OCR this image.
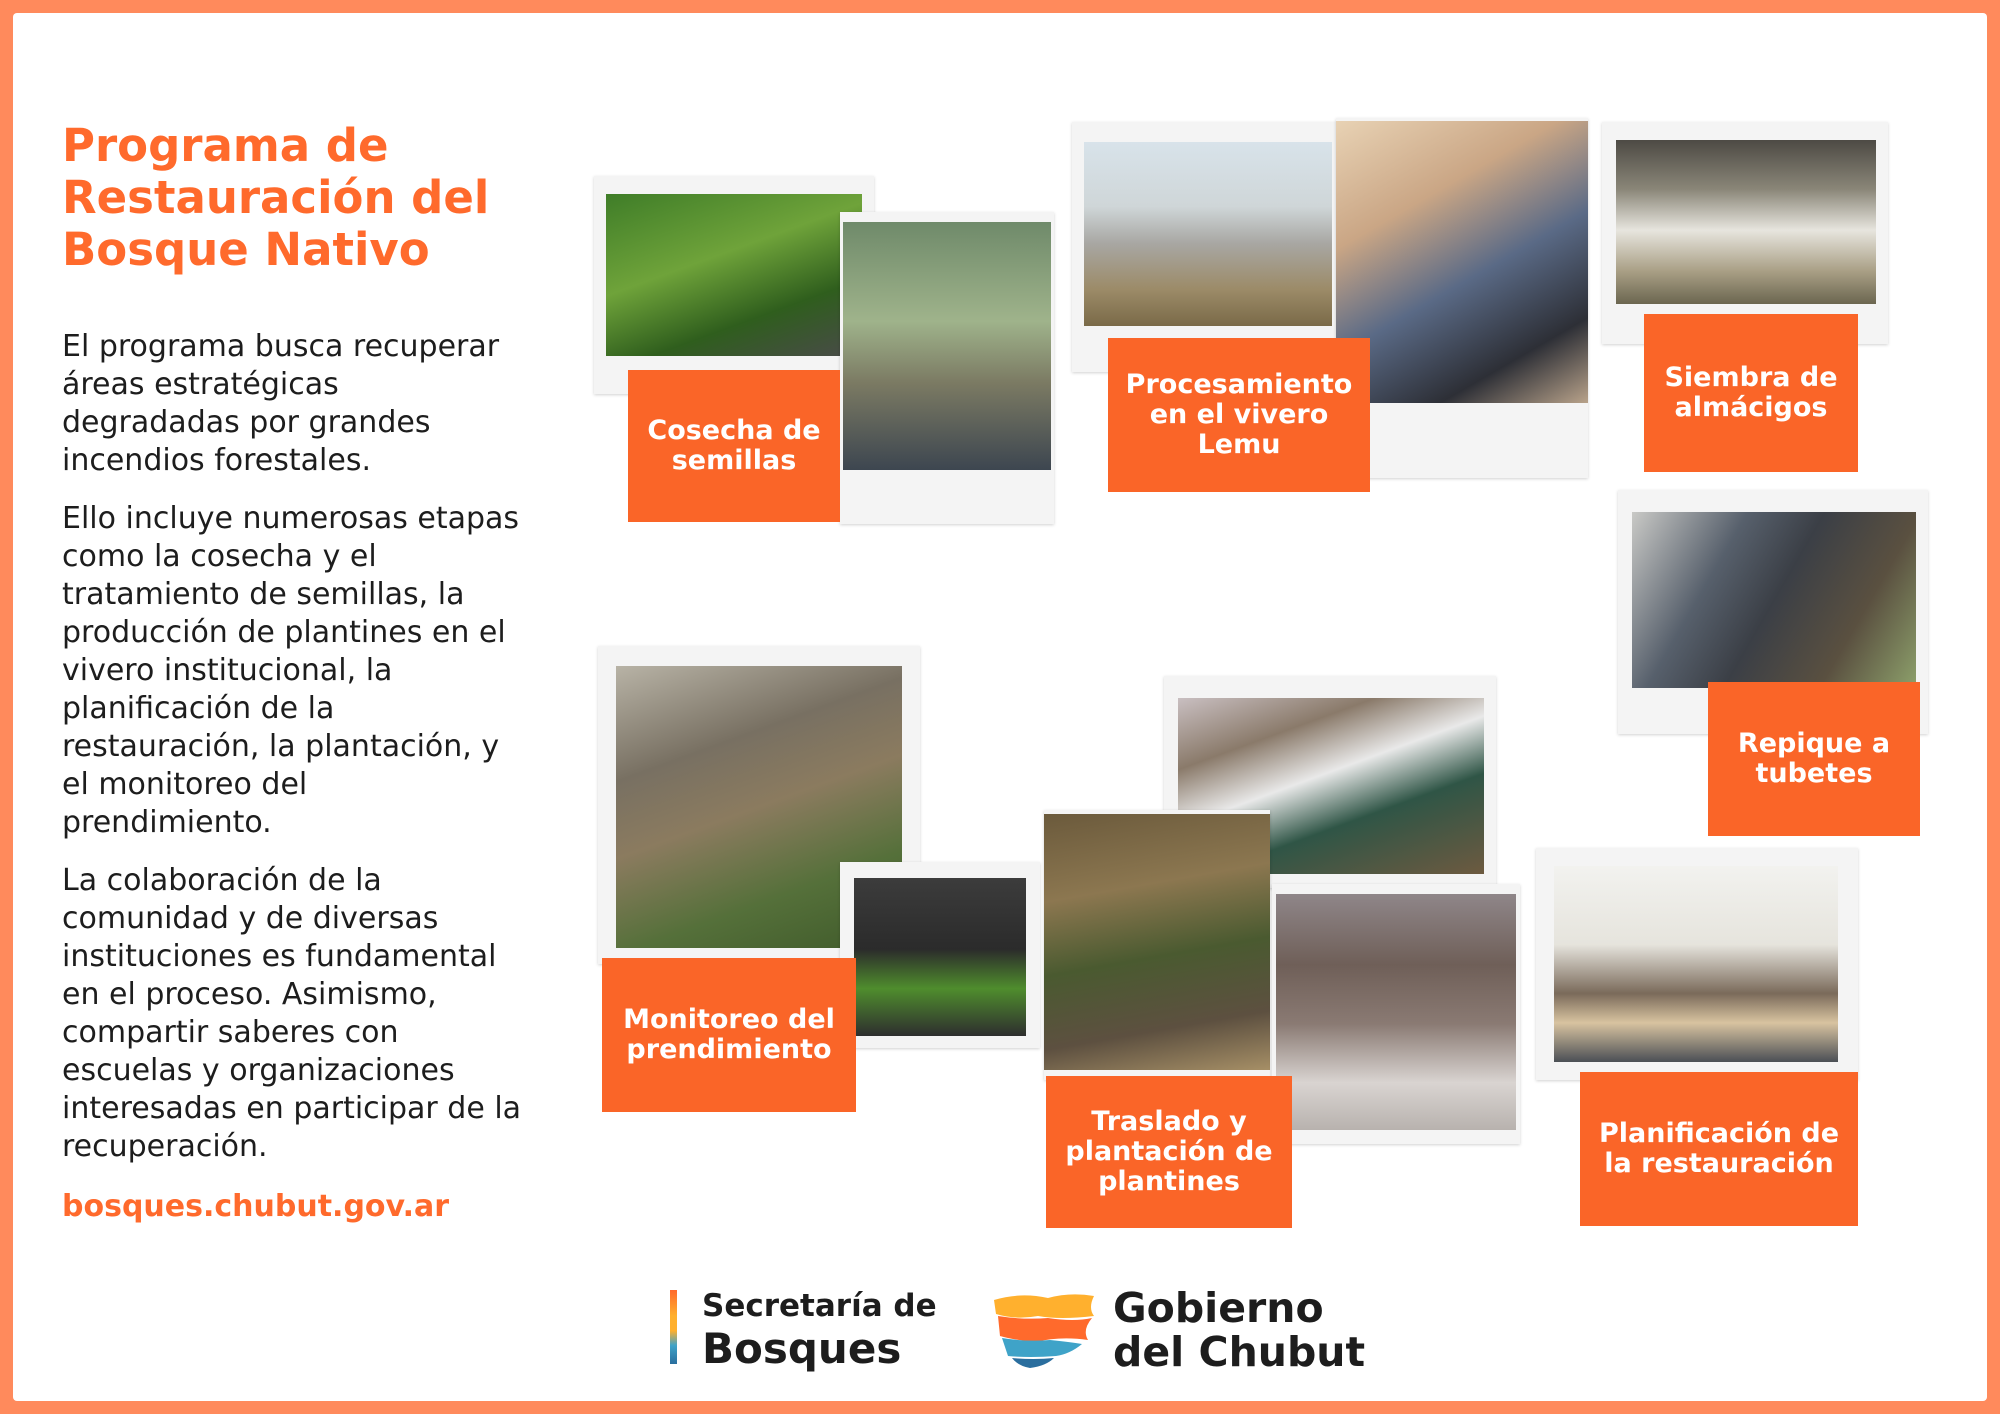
Programa de Restauración del Bosque Nativo

El programa busca recuperar áreas estratégicas degradadas por grandes incendios forestales.

Ello incluye numerosas etapas como la cosecha y el tratamiento de semillas, la producción de plantines en el vivero institucional, la planificación de la restauración, la plantación, y el monitoreo del prendimiento.

La colaboración de la comunidad y de diversas instituciones es fundamental en el proceso. Asimismo, compartir saberes con escuelas y organizaciones interesadas en participar de la recuperación.

bosques.chubut.gov.ar
Cosecha de semillas
Procesamiento en el vivero Lemu
Siembra de almácigos
Repique a tubetes
Monitoreo del prendimiento
Traslado y plantación de plantines
Planificación de la restauración
Secretaría de
Bosques
Gobierno
del Chubut
